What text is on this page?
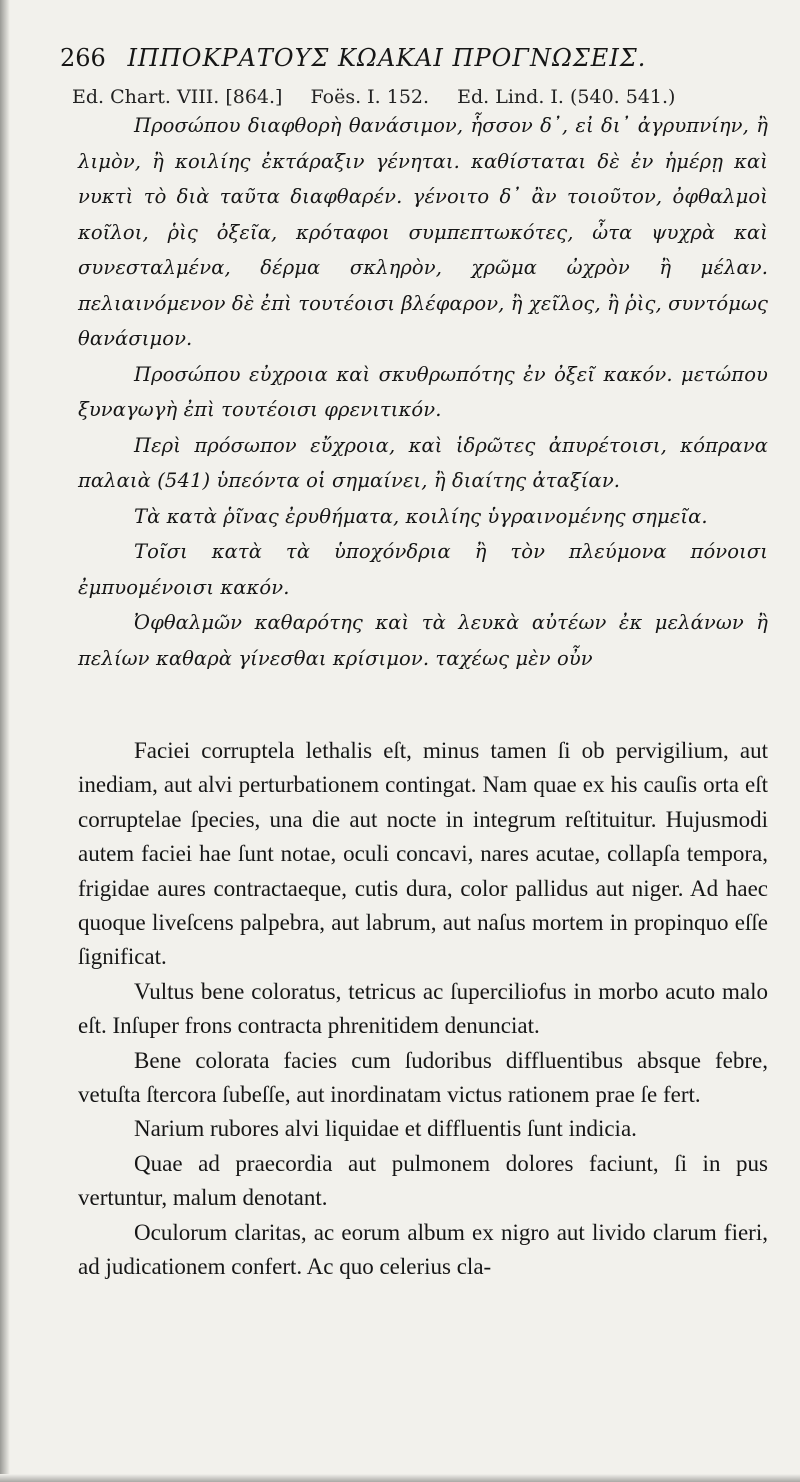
266 ΙΠΠΟΚΡΑΤΟΥΣ ΚΩΑΚΑΙ ΠΡΟΓΝΩΣΕΙΣ.
Ed. Chart. VIII. [864.] Foës. I. 152. Ed. Lind. I. (540. 541.)

Προσώπου διαφθορὴ θανάσιμον, ἧσσον δ᾽, εἰ δι᾽ ἀγρυπνίην, ἢ λιμὸν, ἢ κοιλίης ἐκτάραξιν γένηται. καθίσταται δὲ ἐν ἡμέρῃ καὶ νυκτὶ τὸ διὰ ταῦτα διαφθαρέν. γένοιτο δ᾽ ἂν τοιοῦτον, ὀφθαλμοὶ κοῖλοι, ῥὶς ὀξεῖα, κρόταφοι συμπεπτωκότες, ὦτα ψυχρὰ καὶ συνεσταλμένα, δέρμα σκληρὸν, χρῶμα ὠχρὸν ἢ μέλαν. πελιαινόμενον δὲ ἐπὶ τουτέοισι βλέφαρον, ἢ χεῖλος, ἢ ῥὶς, συντόμως θανάσιμον.

Προσώπου εὐχροια καὶ σκυθρωπότης ἐν ὀξεῖ κακόν. μετώπου ξυναγωγὴ ἐπὶ τουτέοισι φρενιτικόν.

Περὶ πρόσωπον εὔχροια, καὶ ἱδρῶτες ἀπυρέτοισι, κόπρανα παλαιὰ (541) ὑπεόντα οἱ σημαίνει, ἢ διαίτης ἀταξίαν.

Τὰ κατὰ ῥῖνας ἐρυθήματα, κοιλίης ὑγραινομένης σημεῖα.

Τοῖσι κατὰ τὰ ὑποχόνδρια ἢ τὸν πλεύμονα πόνοισι ἐμπυομένοισι κακόν.

Ὀφθαλμῶν καθαρότης καὶ τὰ λευκὰ αὐτέων ἐκ μελάνων ἢ πελίων καθαρὰ γίνεσθαι κρίσιμον. ταχέως μὲν οὖν

Faciei corruptela lethalis eſt, minus tamen ſi ob pervigilium, aut inediam, aut alvi perturbationem contingat. Nam quae ex his cauſis orta eſt corruptelae ſpecies, una die aut nocte in integrum reſtituitur. Hujusmodi autem faciei hae ſunt notae, oculi concavi, nares acutae, collapſa tempora, frigidae aures contractaeque, cutis dura, color pallidus aut niger. Ad haec quoque liveſcens palpebra, aut labrum, aut naſus mortem in propinquo eſſe ſignificat.

Vultus bene coloratus, tetricus ac ſuperciliofus in morbo acuto malo eſt. Inſuper frons contracta phrenitidem denunciat.

Bene colorata facies cum ſudoribus diffluentibus absque febre, vetuſta ſtercora ſubeſſe, aut inordinatam victus rationem prae ſe fert.

Narium rubores alvi liquidae et diffluentis ſunt indicia.

Quae ad praecordia aut pulmonem dolores faciunt, ſi in pus vertuntur, malum denotant.

Oculorum claritas, ac eorum album ex nigro aut livido clarum fieri, ad judicationem confert. Ac quo celerius cla-
